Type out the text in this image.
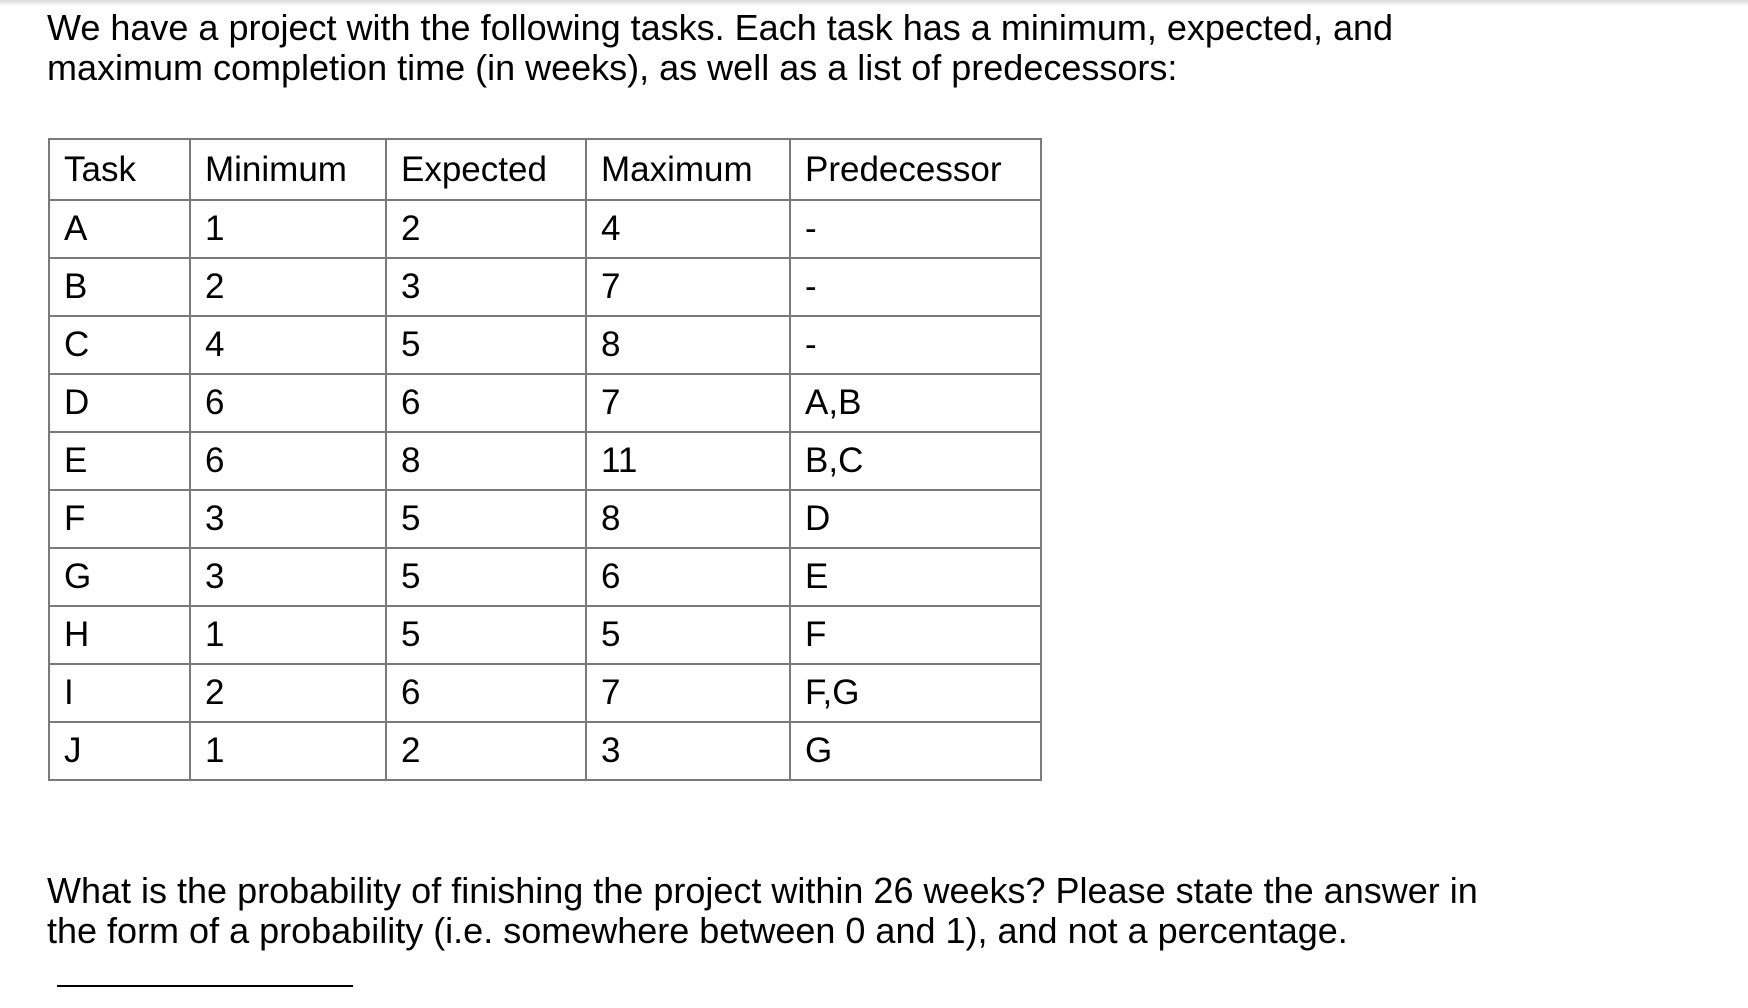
We have a project with the following tasks. Each task has a minimum, expected, and
maximum completion time (in weeks), as well as a list of predecessors:
Task	Minimum	Expected	Maximum	Predecessor
A	1	2	4	-
B	2	3	7	-
C	4	5	8	-
D	6	6	7	A,B
E	6	8	11	B,C
F	3	5	8	D
G	3	5	6	E
H	1	5	5	F
I	2	6	7	F,G
J	1	2	3	G
What is the probability of finishing the project within 26 weeks? Please state the answer in
the form of a probability (i.e. somewhere between 0 and 1), and not a percentage.
